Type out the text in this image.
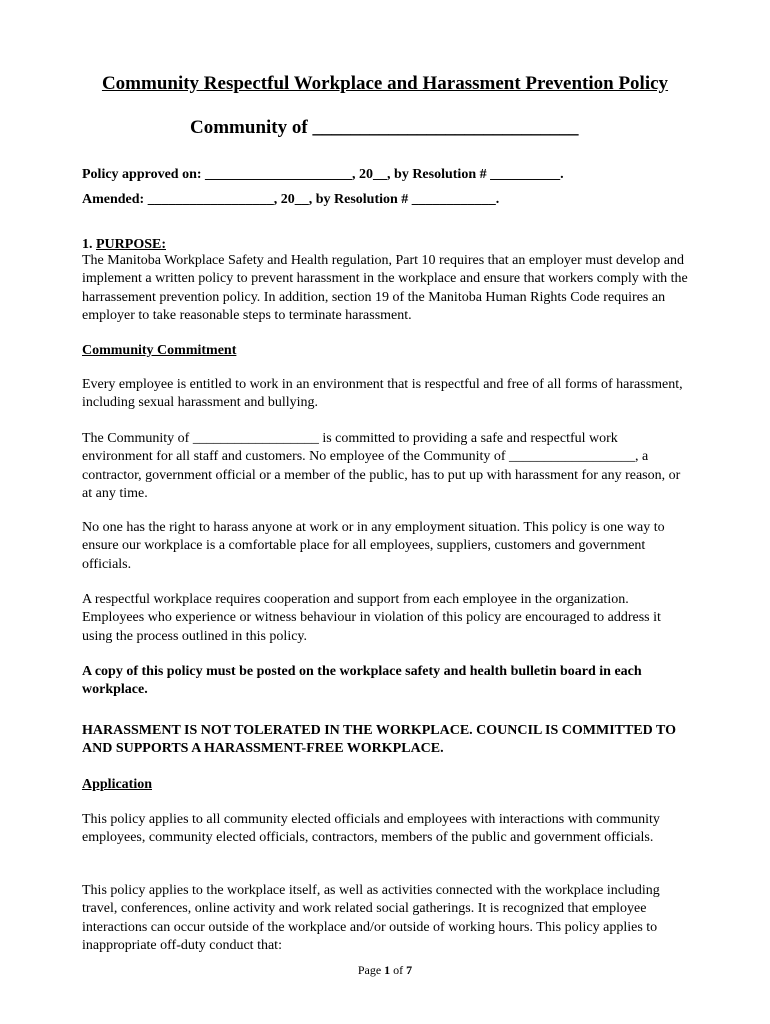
Community Respectful Workplace and Harassment Prevention Policy
Community of ____________________________
Policy approved on: _____________________, 20__, by Resolution # __________.
Amended: __________________, 20__, by Resolution # ____________.
1. PURPOSE:
The Manitoba Workplace Safety and Health regulation, Part 10 requires that an employer must develop and implement a written policy to prevent harassment in the workplace and ensure that workers comply with the harrassement prevention policy. In addition, section 19 of the Manitoba Human Rights Code requires an employer to take reasonable steps to terminate harassment.
Community Commitment
Every employee is entitled to work in an environment that is respectful and free of all forms of harassment, including sexual harassment and bullying.
The Community of __________________ is committed to providing a safe and respectful work environment for all staff and customers. No employee of the Community of __________________, a contractor, government official or a member of the public, has to put up with harassment for any reason, or at any time.
No one has the right to harass anyone at work or in any employment situation. This policy is one way to ensure our workplace is a comfortable place for all employees, suppliers, customers and government officials.
A respectful workplace requires cooperation and support from each employee in the organization. Employees who experience or witness behaviour in violation of this policy are encouraged to address it using the process outlined in this policy.
A copy of this policy must be posted on the workplace safety and health bulletin board in each workplace.
HARASSMENT IS NOT TOLERATED IN THE WORKPLACE. COUNCIL IS COMMITTED TO AND SUPPORTS A HARASSMENT-FREE WORKPLACE.
Application
This policy applies to all community elected officials and employees with interactions with community employees, community elected officials, contractors, members of the public and government officials.
This policy applies to the workplace itself, as well as activities connected with the workplace including travel, conferences, online activity and work related social gatherings. It is recognized that employee interactions can occur outside of the workplace and/or outside of working hours. This policy applies to inappropriate off-duty conduct that:
Page 1 of 7
